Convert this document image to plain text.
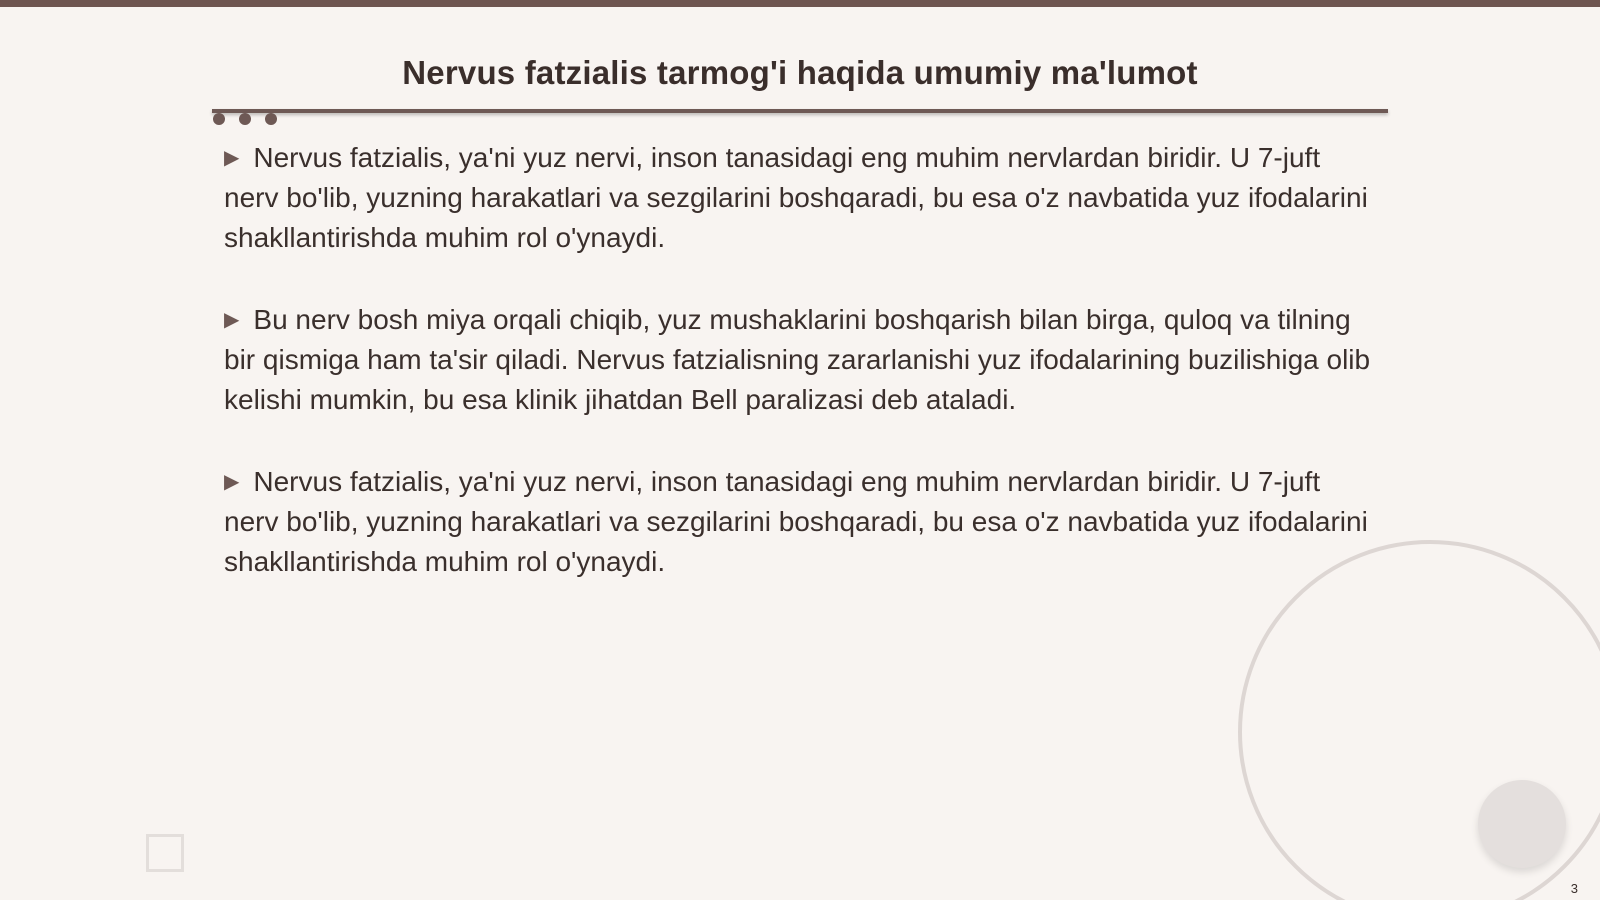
Nervus fatzialis tarmog'i haqida umumiy ma'lumot
▶ Nervus fatzialis, ya'ni yuz nervi, inson tanasidagi eng muhim nervlardan biridir. U 7-juft nerv bo'lib, yuzning harakatlari va sezgilarini boshqaradi, bu esa o'z navbatida yuz ifodalarini shakllantirishda muhim rol o'ynaydi.
▶ Bu nerv bosh miya orqali chiqib, yuz mushaklarini boshqarish bilan birga, quloq va tilning bir qismiga ham ta'sir qiladi. Nervus fatzialisning zararlanishi yuz ifodalarining buzilishiga olib kelishi mumkin, bu esa klinik jihatdan Bell paralizasi deb ataladi.
▶ Nervus fatzialis, ya'ni yuz nervi, inson tanasidagi eng muhim nervlardan biridir. U 7-juft nerv bo'lib, yuzning harakatlari va sezgilarini boshqaradi, bu esa o'z navbatida yuz ifodalarini shakllantirishda muhim rol o'ynaydi.
3
